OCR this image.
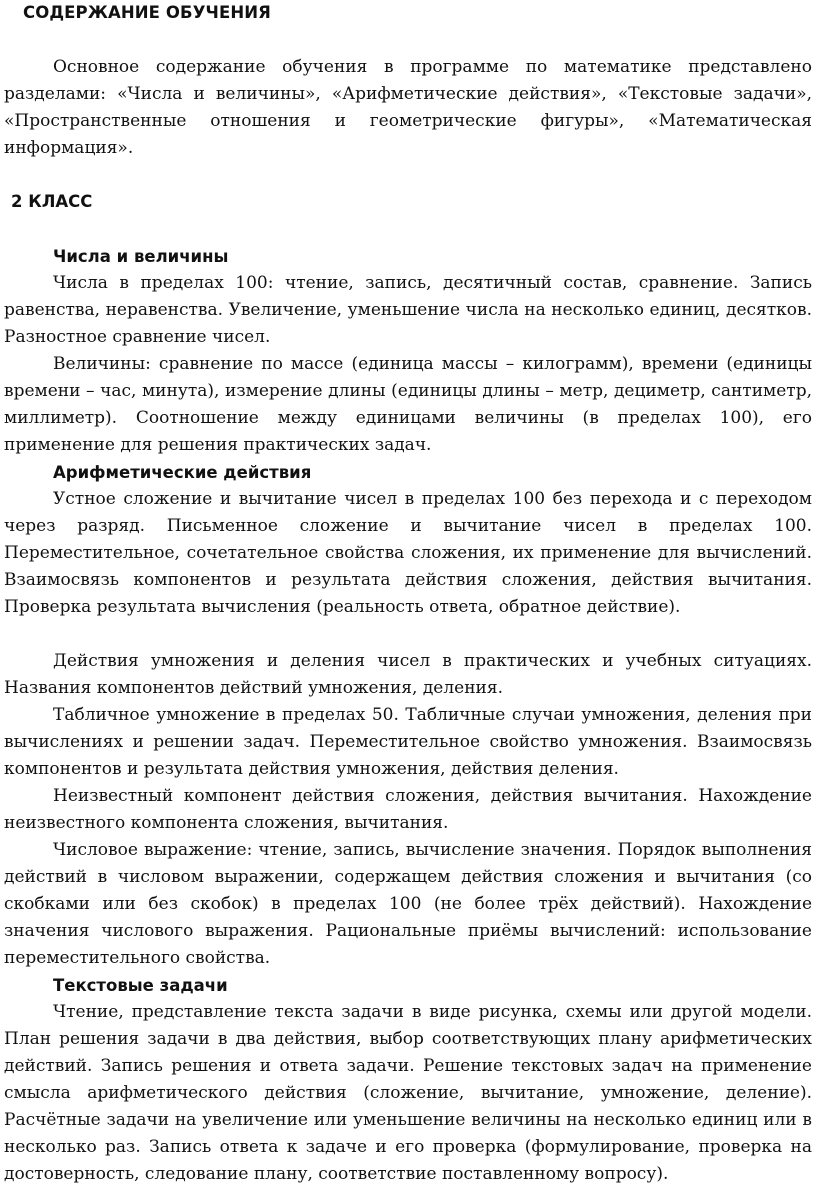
СОДЕРЖАНИЕ ОБУЧЕНИЯ

Основное содержание обучения в программе по математике представлено разделами: «Числа и величины», «Арифметические действия», «Текстовые задачи», «Пространственные отношения и геометрические фигуры», «Математическая информация».

2 КЛАСС
Числа и величины

Числа в пределах 100: чтение, запись, десятичный состав, сравнение. Запись равенства, неравенства. Увеличение, уменьшение числа на несколько единиц, десятков. Разностное сравнение чисел.

Величины: сравнение по массе (единица массы – килограмм), времени (единицы времени – час, минута), измерение длины (единицы длины – метр, дециметр, сантиметр, миллиметр). Соотношение между единицами величины (в пределах 100), его применение для решения практических задач.

Арифметические действия

Устное сложение и вычитание чисел в пределах 100 без перехода и с переходом через разряд. Письменное сложение и вычитание чисел в пределах 100. Переместительное, сочетательное свойства сложения, их применение для вычислений. Взаимосвязь компонентов и результата действия сложения, действия вычитания. Проверка результата вычисления (реальность ответа, обратное действие).

Действия умножения и деления чисел в практических и учебных ситуациях. Названия компонентов действий умножения, деления.

Табличное умножение в пределах 50. Табличные случаи умножения, деления при вычислениях и решении задач. Переместительное свойство умножения. Взаимосвязь компонентов и результата действия умножения, действия деления.

Неизвестный компонент действия сложения, действия вычитания. Нахождение неизвестного компонента сложения, вычитания.

Числовое выражение: чтение, запись, вычисление значения. Порядок выполнения действий в числовом выражении, содержащем действия сложения и вычитания (со скобками или без скобок) в пределах 100 (не более трёх действий). Нахождение значения числового выражения. Рациональные приёмы вычислений: использование переместительного свойства.

Текстовые задачи

Чтение, представление текста задачи в виде рисунка, схемы или другой модели. План решения задачи в два действия, выбор соответствующих плану арифметических действий. Запись решения и ответа задачи. Решение текстовых задач на применение смысла арифметического действия (сложение, вычитание, умножение, деление). Расчётные задачи на увеличение или уменьшение величины на несколько единиц или в несколько раз. Запись ответа к задаче и его проверка (формулирование, проверка на достоверность, следование плану, соответствие поставленному вопросу).
